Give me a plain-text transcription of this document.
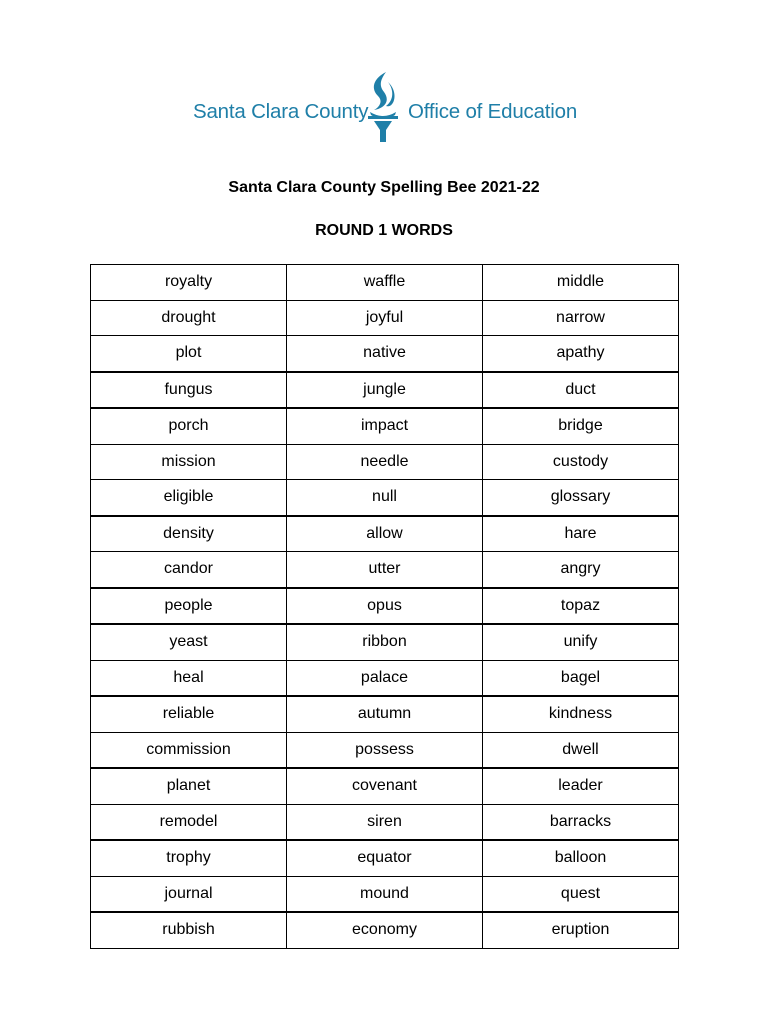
Santa Clara County Office of Education
Santa Clara County Spelling Bee 2021-22
ROUND 1 WORDS
royalty	waffle	middle
drought	joyful	narrow
plot	native	apathy
fungus	jungle	duct
porch	impact	bridge
mission	needle	custody
eligible	null	glossary
density	allow	hare
candor	utter	angry
people	opus	topaz
yeast	ribbon	unify
heal	palace	bagel
reliable	autumn	kindness
commission	possess	dwell
planet	covenant	leader
remodel	siren	barracks
trophy	equator	balloon
journal	mound	quest
rubbish	economy	eruption
